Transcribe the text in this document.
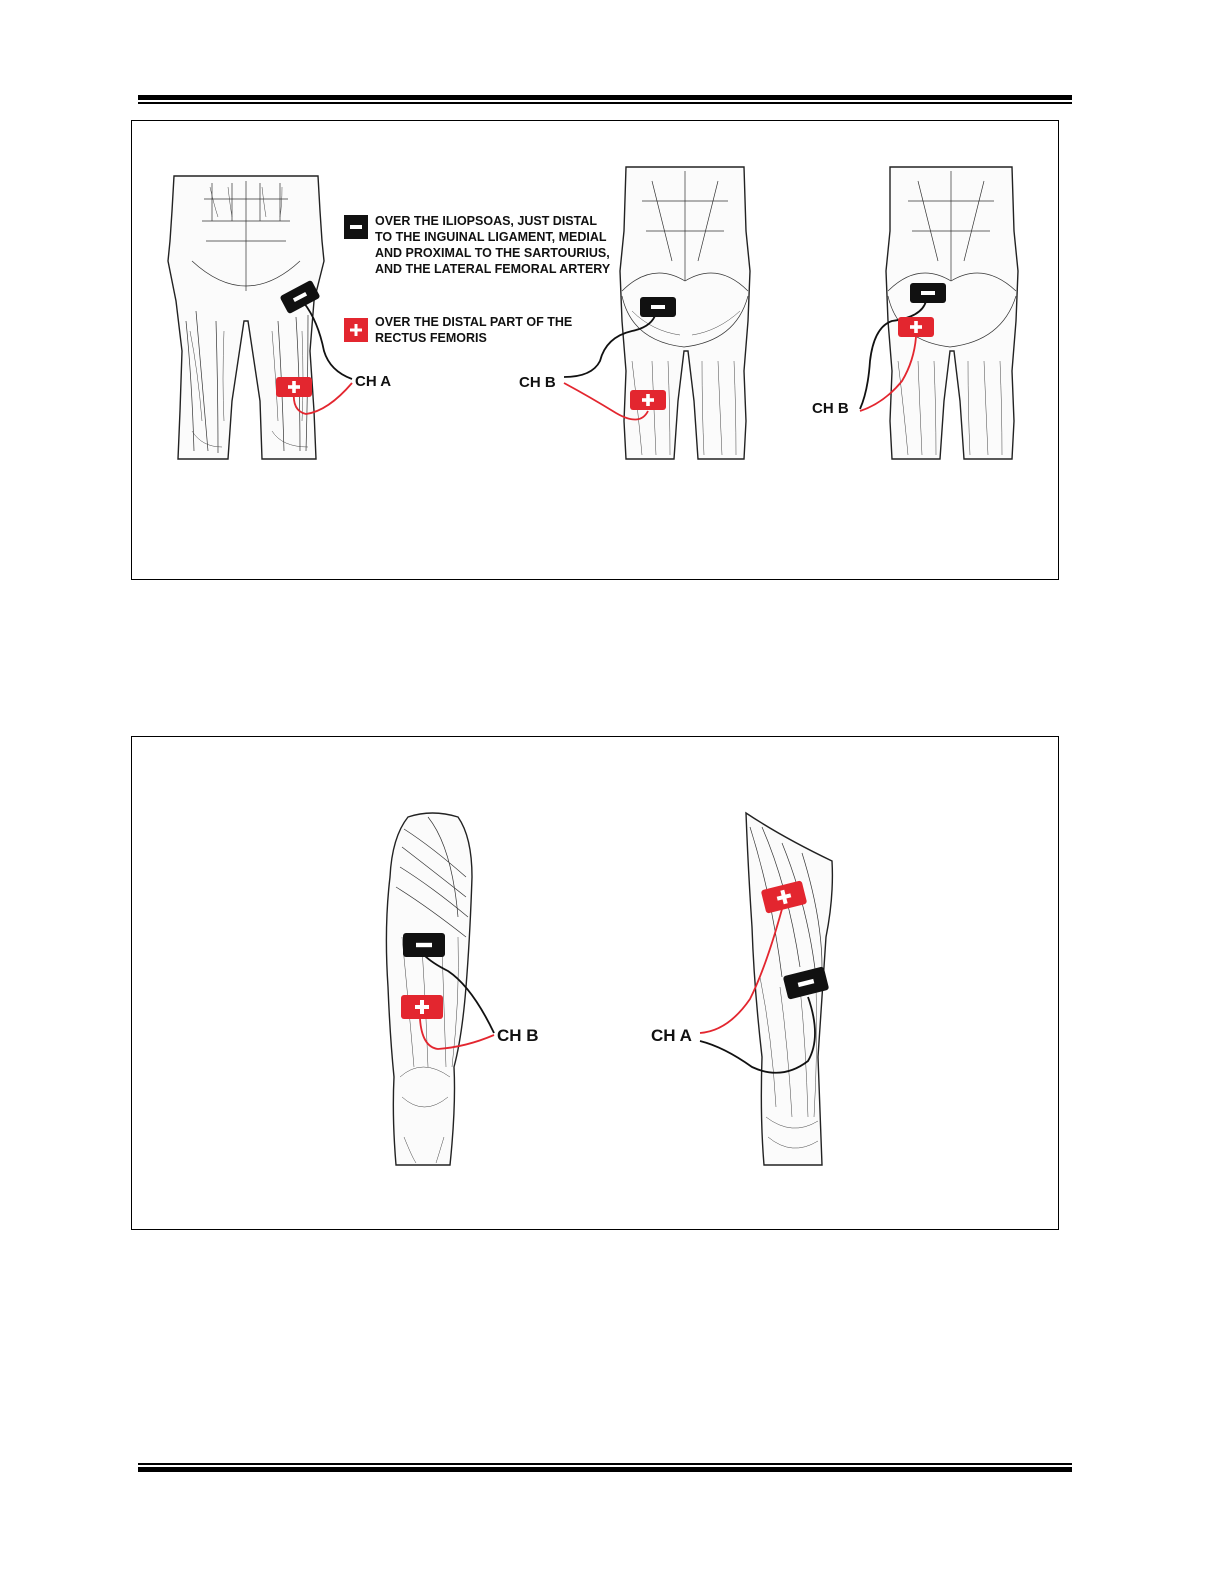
CH A
OVER THE ILIOPSOAS, JUST DISTAL
TO THE INGUINAL LIGAMENT, MEDIAL
AND PROXIMAL TO THE SARTOURIUS,
AND THE LATERAL FEMORAL ARTERY
OVER THE DISTAL PART OF THE
RECTUS FEMORIS
CH B
CH B
CH B	CH A
